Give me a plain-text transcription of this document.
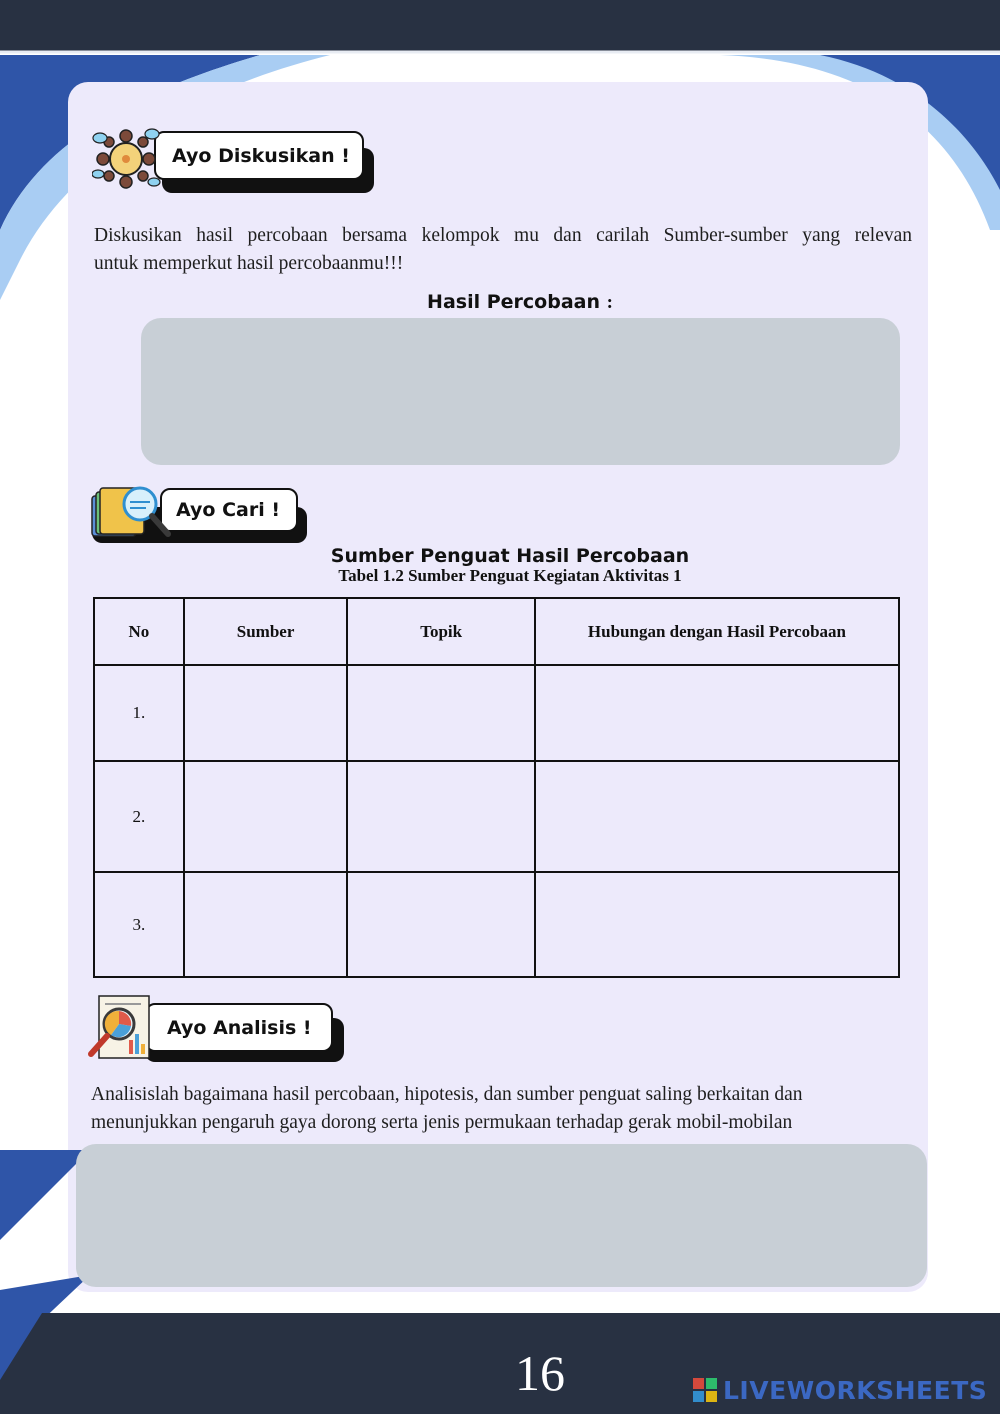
Ayo Diskusikan !
Diskusikan hasil percobaan bersama kelompok mu dan carilah Sumber-sumber yang relevan
untuk memperkut hasil percobaanmu!!!
Hasil Percobaan :
Ayo Cari !
Sumber Penguat Hasil Percobaan
Tabel 1.2 Sumber Penguat Kegiatan Aktivitas 1
No	Sumber	Topik	Hubungan dengan Hasil Percobaan
1.			
2.			
3.			
Ayo Analisis !
Analisislah bagaimana hasil percobaan, hipotesis, dan sumber penguat saling berkaitan dan
menunjukkan pengaruh gaya dorong serta jenis permukaan terhadap gerak mobil-mobilan
16	LIVEWORKSHEETS
